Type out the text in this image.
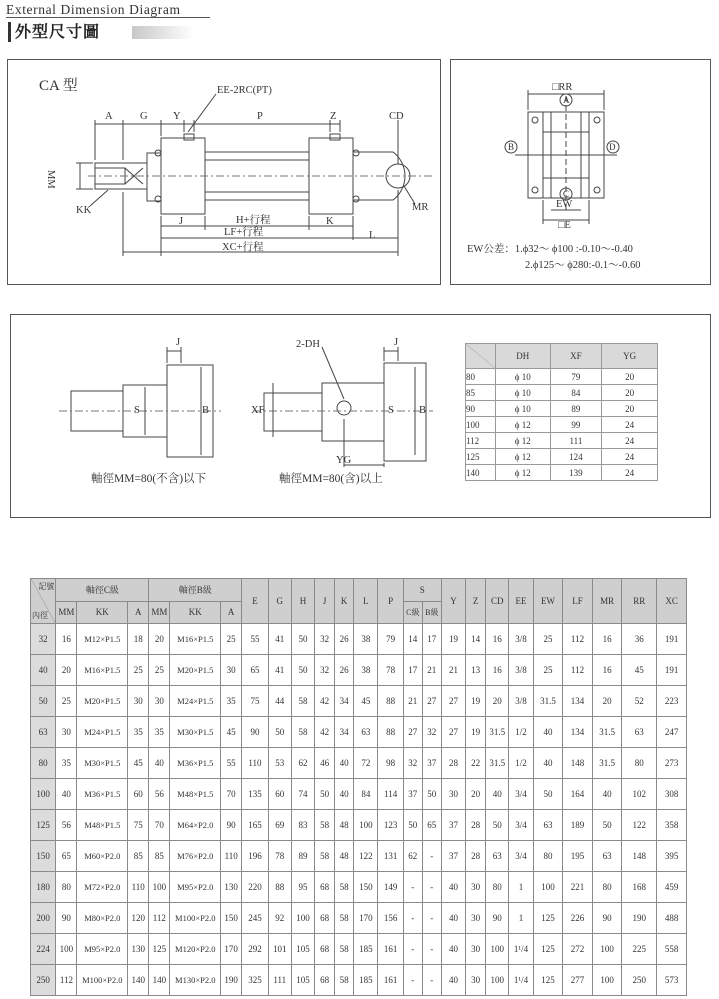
External Dimension Diagram
外型尺寸圖
CA 型	EE-2RC(PT)
A	G Y	P	Z	CD
MM
KK	MR
J	H+行程	K
LF+行程	L
XC+行程
□RR
A
B	D
C
EW
□E
EW公差：1.ϕ32～ ϕ100 :-0.10～-0.40
2.ϕ125～ ϕ280:-0.1～-0.60
J
S	B
軸徑MM=80(不含)以下
2-DH	J
XF	S B
YG
軸徑MM=80(含)以上
	DH	XF	YG
80	ϕ 10	79	20
85	ϕ 10	84	20
90	ϕ 10	89	20
100	ϕ 12	99	24
112	ϕ 12	111	24
125	ϕ 12	124	24
140	ϕ 12	139	24
記號
內徑	軸徑C級			軸徑B級			E	G	H	J	K	L	P	S		Y	Z	CD	EE	EW	LF	MR	RR	XC
	MM	KK	A	MM	KK	A								C級	B級									
32	16	M12×P1.5	18	20	M16×P1.5	25	55	41	50	32	26	38	79	14	17	19	14	16	3/8	25	112	16	36	191
40	20	M16×P1.5	25	25	M20×P1.5	30	65	41	50	32	26	38	78	17	21	21	13	16	3/8	25	112	16	45	191
50	25	M20×P1.5	30	30	M24×P1.5	35	75	44	58	42	34	45	88	21	27	27	19	20	3/8	31.5	134	20	52	223
63	30	M24×P1.5	35	35	M30×P1.5	45	90	50	58	42	34	63	88	27	32	27	19	31.5	1/2	40	134	31.5	63	247
80	35	M30×P1.5	45	40	M36×P1.5	55	110	53	62	46	40	72	98	32	37	28	22	31.5	1/2	40	148	31.5	80	273
100	40	M36×P1.5	60	56	M48×P1.5	70	135	60	74	50	40	84	114	37	50	30	20	40	3/4	50	164	40	102	308
125	56	M48×P1.5	75	70	M64×P2.0	90	165	69	83	58	48	100	123	50	65	37	28	50	3/4	63	189	50	122	358
150	65	M60×P2.0	85	85	M76×P2.0	110	196	78	89	58	48	122	131	62	-	37	28	63	3/4	80	195	63	148	395
180	80	M72×P2.0	110	100	M95×P2.0	130	220	88	95	68	58	150	149	-	-	40	30	80	1	100	221	80	168	459
200	90	M80×P2.0	120	112	M100×P2.0	150	245	92	100	68	58	170	156	-	-	40	30	90	1	125	226	90	190	488
224	100	M95×P2.0	130	125	M120×P2.0	170	292	101	105	68	58	185	161	-	-	40	30	100	1¹/4	125	272	100	225	558
250	112	M100×P2.0	140	140	M130×P2.0	190	325	111	105	68	58	185	161	-	-	40	30	100	1¹/4	125	277	100	250	573
